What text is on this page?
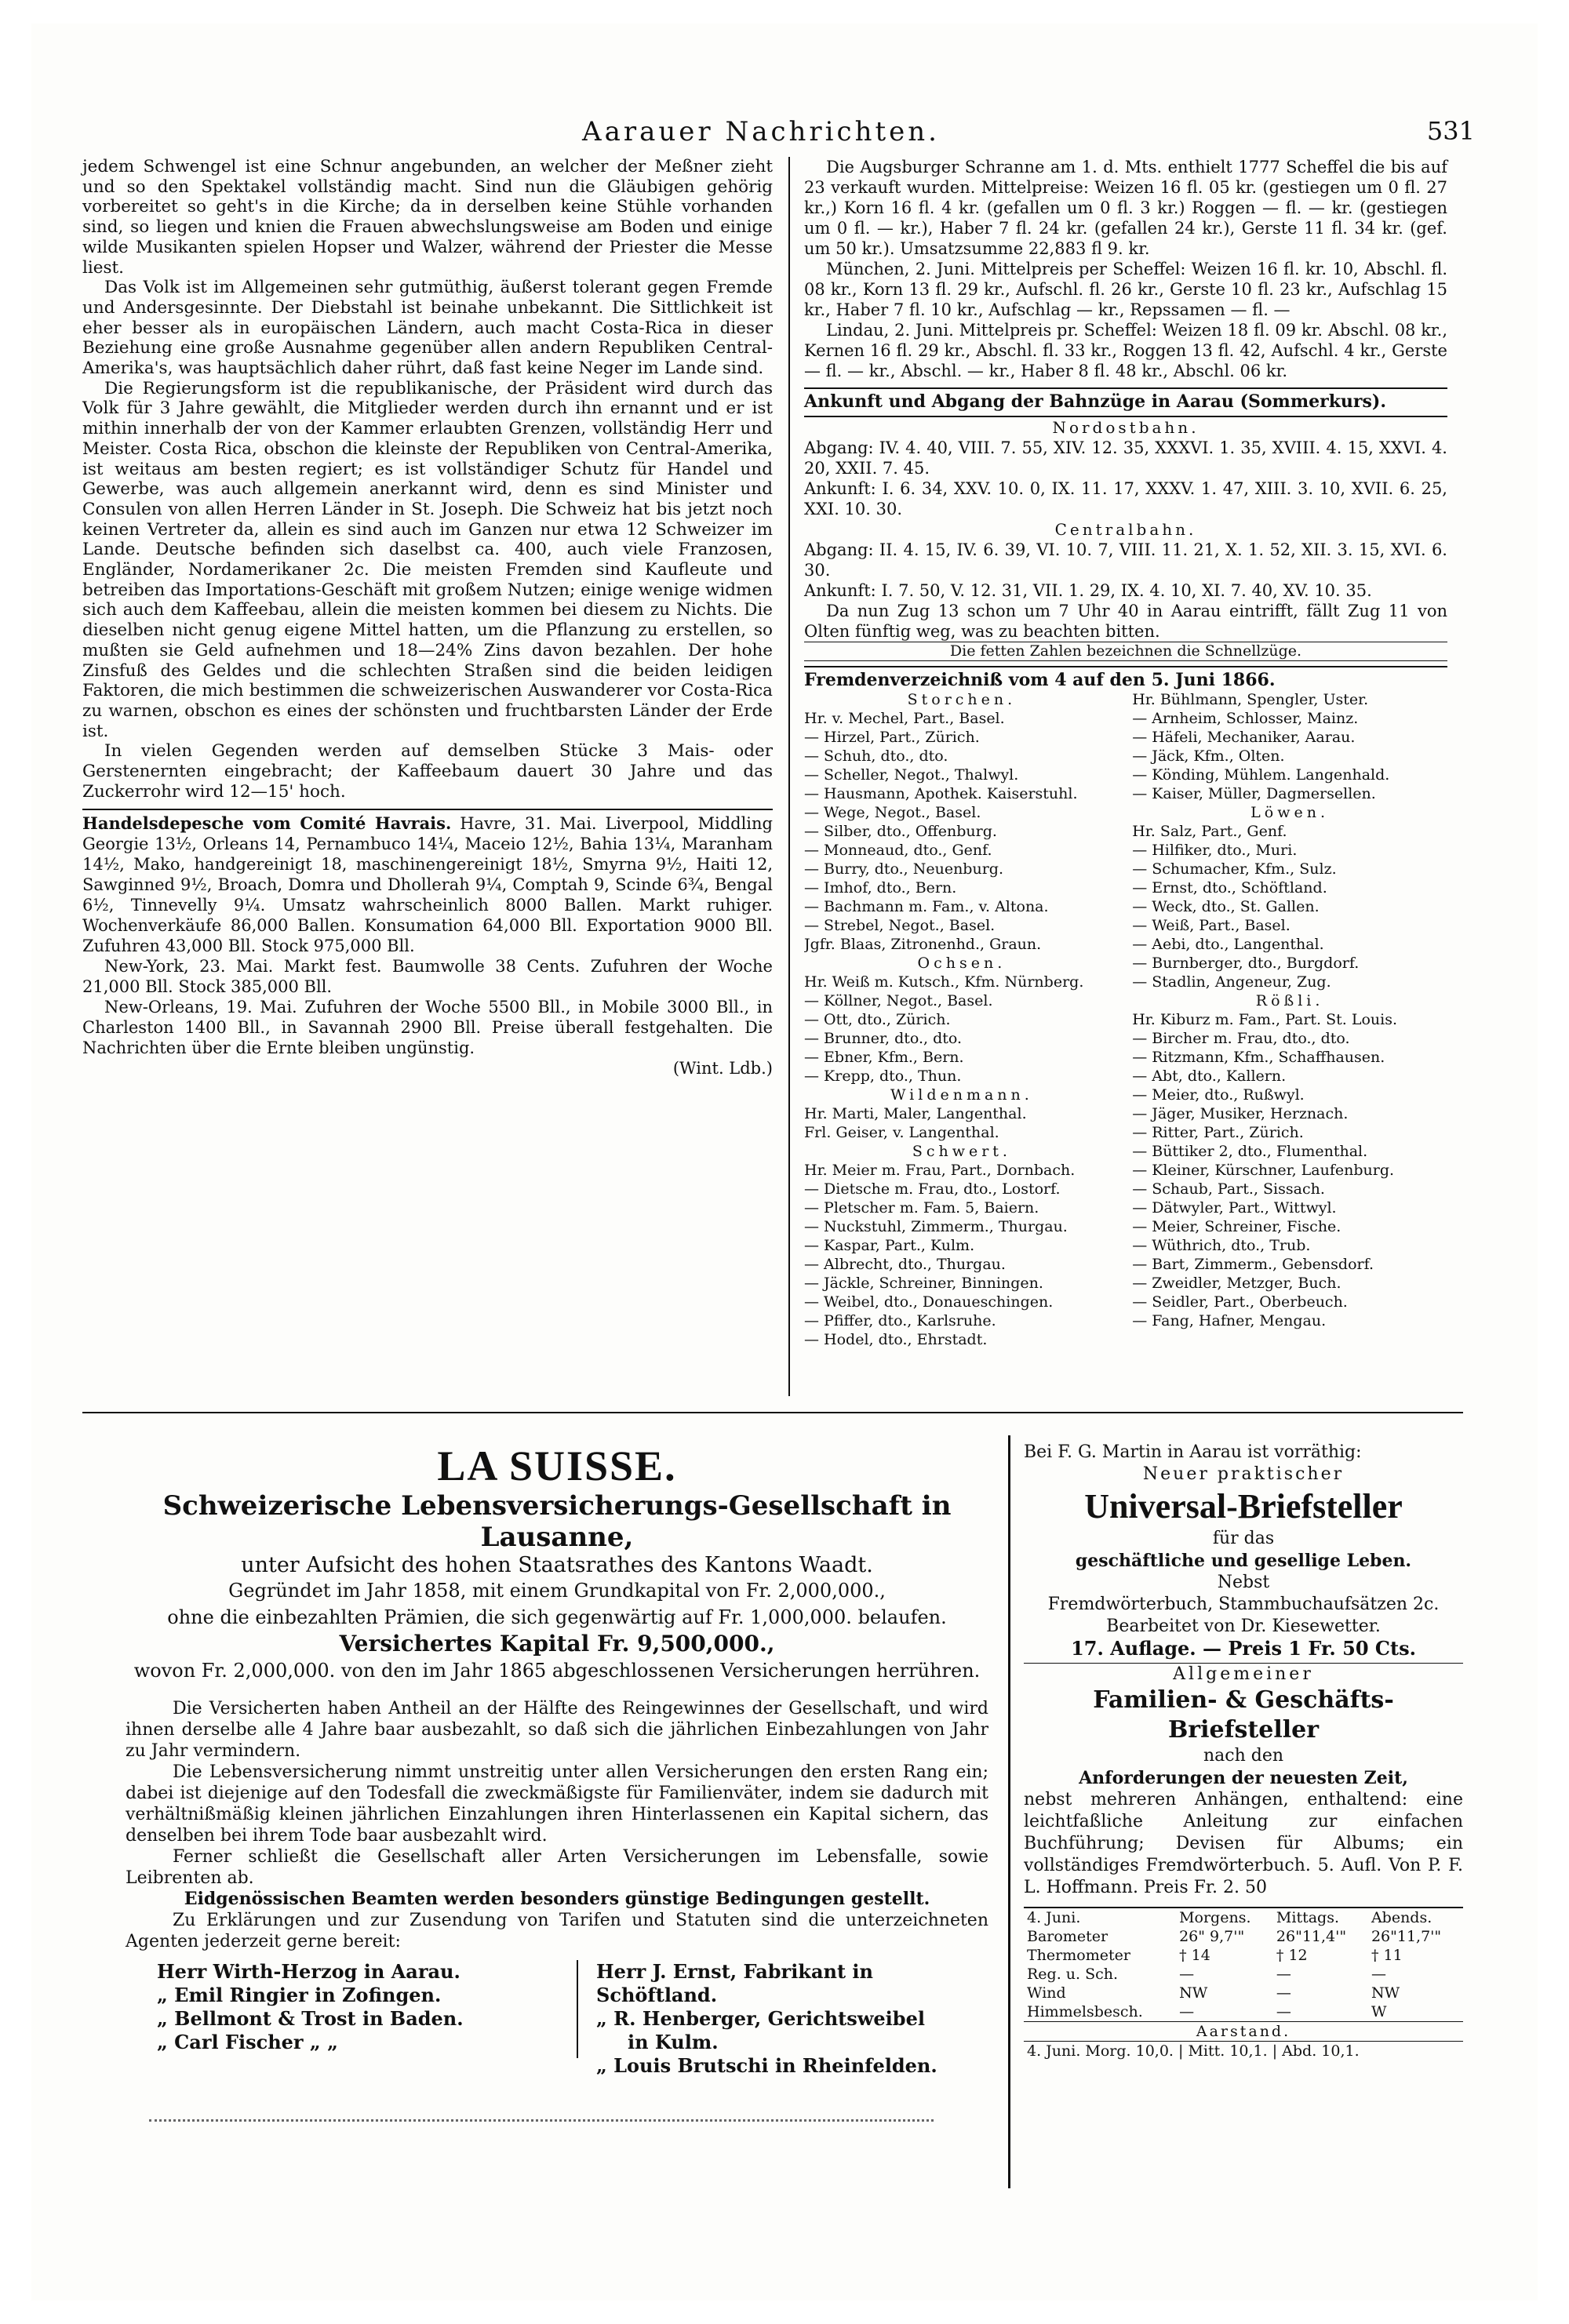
Aarauer Nachrichten.	531

jedem Schwengel ist eine Schnur angebunden, an welcher der Meßner zieht und so den Spektakel vollständig macht. Sind nun die Gläubigen gehörig vorbereitet so geht's in die Kirche; da in derselben keine Stühle vorhanden sind, so liegen und knien die Frauen abwechslungsweise am Boden und einige wilde Musikanten spielen Hopser und Walzer, während der Priester die Messe liest.

Das Volk ist im Allgemeinen sehr gutmüthig, äußerst tolerant gegen Fremde und Andersgesinnte. Der Diebstahl ist beinahe unbekannt. Die Sittlichkeit ist eher besser als in europäischen Ländern, auch macht Costa-Rica in dieser Beziehung eine große Ausnahme gegenüber allen andern Republiken Central-Amerika's, was hauptsächlich daher rührt, daß fast keine Neger im Lande sind.

Die Regierungsform ist die republikanische, der Präsident wird durch das Volk für 3 Jahre gewählt, die Mitglieder werden durch ihn ernannt und er ist mithin innerhalb der von der Kammer erlaubten Grenzen, vollständig Herr und Meister. Costa Rica, obschon die kleinste der Republiken von Central-Amerika, ist weitaus am besten regiert; es ist vollständiger Schutz für Handel und Gewerbe, was auch allgemein anerkannt wird, denn es sind Minister und Consulen von allen Herren Länder in St. Joseph. Die Schweiz hat bis jetzt noch keinen Vertreter da, allein es sind auch im Ganzen nur etwa 12 Schweizer im Lande. Deutsche befinden sich daselbst ca. 400, auch viele Franzosen, Engländer, Nordamerikaner 2c. Die meisten Fremden sind Kaufleute und betreiben das Importations-Geschäft mit großem Nutzen; einige wenige widmen sich auch dem Kaffeebau, allein die meisten kommen bei diesem zu Nichts. Die dieselben nicht genug eigene Mittel hatten, um die Pflanzung zu erstellen, so mußten sie Geld aufnehmen und 18—24% Zins davon bezahlen. Der hohe Zinsfuß des Geldes und die schlechten Straßen sind die beiden leidigen Faktoren, die mich bestimmen die schweizerischen Auswanderer vor Costa-Rica zu warnen, obschon es eines der schönsten und fruchtbarsten Länder der Erde ist.

In vielen Gegenden werden auf demselben Stücke 3 Mais- oder Gerstenernten eingebracht; der Kaffeebaum dauert 30 Jahre und das Zuckerrohr wird 12—15' hoch.

Handelsdepesche vom Comité Havrais. Havre, 31. Mai. Liverpool, Middling Georgie 13½, Orleans 14, Pernambuco 14¼, Maceio 12½, Bahia 13¼, Maranham 14½, Mako, handgereinigt 18, maschinengereinigt 18½, Smyrna 9½, Haiti 12, Sawginned 9½, Broach, Domra und Dhollerah 9¼, Comptah 9, Scinde 6¾, Bengal 6½, Tinnevelly 9¼. Umsatz wahrscheinlich 8000 Ballen. Markt ruhiger. Wochenverkäufe 86,000 Ballen. Konsumation 64,000 Bll. Exportation 9000 Bll. Zufuhren 43,000 Bll. Stock 975,000 Bll.

New-York, 23. Mai. Markt fest. Baumwolle 38 Cents. Zufuhren der Woche 21,000 Bll. Stock 385,000 Bll.

New-Orleans, 19. Mai. Zufuhren der Woche 5500 Bll., in Mobile 3000 Bll., in Charleston 1400 Bll., in Savannah 2900 Bll. Preise überall festgehalten. Die Nachrichten über die Ernte bleiben ungünstig.

(Wint. Ldb.)

Die Augsburger Schranne am 1. d. Mts. enthielt 1777 Scheffel die bis auf 23 verkauft wurden. Mittelpreise: Weizen 16 fl. 05 kr. (gestiegen um 0 fl. 27 kr.,) Korn 16 fl. 4 kr. (gefallen um 0 fl. 3 kr.) Roggen — fl. — kr. (gestiegen um 0 fl. — kr.), Haber 7 fl. 24 kr. (gefallen 24 kr.), Gerste 11 fl. 34 kr. (gef. um 50 kr.). Umsatzsumme 22,883 fl 9. kr.

München, 2. Juni. Mittelpreis per Scheffel: Weizen 16 fl. kr. 10, Abschl. fl. 08 kr., Korn 13 fl. 29 kr., Aufschl. fl. 26 kr., Gerste 10 fl. 23 kr., Aufschlag 15 kr., Haber 7 fl. 10 kr., Aufschlag — kr., Repssamen — fl. —

Lindau, 2. Juni. Mittelpreis pr. Scheffel: Weizen 18 fl. 09 kr. Abschl. 08 kr., Kernen 16 fl. 29 kr., Abschl. fl. 33 kr., Roggen 13 fl. 42, Aufschl. 4 kr., Gerste — fl. — kr., Abschl. — kr., Haber 8 fl. 48 kr., Abschl. 06 kr.

Ankunft und Abgang der Bahnzüge in Aarau (Sommerkurs).
Nordostbahn.
Abgang: IV. 4. 40, VIII. 7. 55, XIV. 12. 35, XXXVI. 1. 35, XVIII. 4. 15, XXVI. 4. 20, XXII. 7. 45.
Ankunft: I. 6. 34, XXV. 10. 0, IX. 11. 17, XXXV. 1. 47, XIII. 3. 10, XVII. 6. 25, XXI. 10. 30.
Centralbahn.
Abgang: II. 4. 15, IV. 6. 39, VI. 10. 7, VIII. 11. 21, X. 1. 52, XII. 3. 15, XVI. 6. 30.
Ankunft: I. 7. 50, V. 12. 31, VII. 1. 29, IX. 4. 10, XI. 7. 40, XV. 10. 35.

Da nun Zug 13 schon um 7 Uhr 40 in Aarau eintrifft, fällt Zug 11 von Olten fünftig weg, was zu beachten bitten.

Die fetten Zahlen bezeichnen die Schnellzüge.
Fremdenverzeichniß vom 4 auf den 5. Juni 1866.
Storchen.
Hr. v. Mechel, Part., Basel.
— Hirzel, Part., Zürich.
— Schuh, dto., dto.
— Scheller, Negot., Thalwyl.
— Hausmann, Apothek. Kaiserstuhl.
— Wege, Negot., Basel.
— Silber, dto., Offenburg.
— Monneaud, dto., Genf.
— Burry, dto., Neuenburg.
— Imhof, dto., Bern.
— Bachmann m. Fam., v. Altona.
— Strebel, Negot., Basel.
Jgfr. Blaas, Zitronenhd., Graun.
Ochsen.
Hr. Weiß m. Kutsch., Kfm. Nürnberg.
— Köllner, Negot., Basel.
— Ott, dto., Zürich.
— Brunner, dto., dto.
— Ebner, Kfm., Bern.
— Krepp, dto., Thun.
Wildenmann.
Hr. Marti, Maler, Langenthal.
Frl. Geiser, v. Langenthal.
Schwert.
Hr. Meier m. Frau, Part., Dornbach.
— Dietsche m. Frau, dto., Lostorf.
— Pletscher m. Fam. 5, Baiern.
— Nuckstuhl, Zimmerm., Thurgau.
— Kaspar, Part., Kulm.
— Albrecht, dto., Thurgau.
— Jäckle, Schreiner, Binningen.
— Weibel, dto., Donaueschingen.
— Pfiffer, dto., Karlsruhe.
— Hodel, dto., Ehrstadt.
Hr. Bühlmann, Spengler, Uster.
— Arnheim, Schlosser, Mainz.
— Häfeli, Mechaniker, Aarau.
— Jäck, Kfm., Olten.
— Könding, Mühlem. Langenhald.
— Kaiser, Müller, Dagmersellen.
Löwen.
Hr. Salz, Part., Genf.
— Hilfiker, dto., Muri.
— Schumacher, Kfm., Sulz.
— Ernst, dto., Schöftland.
— Weck, dto., St. Gallen.
— Weiß, Part., Basel.
— Aebi, dto., Langenthal.
— Burnberger, dto., Burgdorf.
— Stadlin, Angeneur, Zug.
Rößli.
Hr. Kiburz m. Fam., Part. St. Louis.
— Bircher m. Frau, dto., dto.
— Ritzmann, Kfm., Schaffhausen.
— Abt, dto., Kallern.
— Meier, dto., Rußwyl.
— Jäger, Musiker, Herznach.
— Ritter, Part., Zürich.
— Büttiker 2, dto., Flumenthal.
— Kleiner, Kürschner, Laufenburg.
— Schaub, Part., Sissach.
— Dätwyler, Part., Wittwyl.
— Meier, Schreiner, Fische.
— Wüthrich, dto., Trub.
— Bart, Zimmerm., Gebensdorf.
— Zweidler, Metzger, Buch.
— Seidler, Part., Oberbeuch.
— Fang, Hafner, Mengau.
LA SUISSE.
Schweizerische Lebensversicherungs-Gesellschaft in Lausanne,
unter Aufsicht des hohen Staatsrathes des Kantons Waadt.
Gegründet im Jahr 1858, mit einem Grundkapital von Fr. 2,000,000.,
ohne die einbezahlten Prämien, die sich gegenwärtig auf Fr. 1,000,000. belaufen.
Versichertes Kapital Fr. 9,500,000.,
wovon Fr. 2,000,000. von den im Jahr 1865 abgeschlossenen Versicherungen herrühren.

Die Versicherten haben Antheil an der Hälfte des Reingewinnes der Gesellschaft, und wird ihnen derselbe alle 4 Jahre baar ausbezahlt, so daß sich die jährlichen Einbezahlungen von Jahr zu Jahr vermindern.

Die Lebensversicherung nimmt unstreitig unter allen Versicherungen den ersten Rang ein; dabei ist diejenige auf den Todesfall die zweckmäßigste für Familienväter, indem sie dadurch mit verhältnißmäßig kleinen jährlichen Einzahlungen ihren Hinterlassenen ein Kapital sichern, das denselben bei ihrem Tode baar ausbezahlt wird.

Ferner schließt die Gesellschaft aller Arten Versicherungen im Lebensfalle, sowie Leibrenten ab.

Eidgenössischen Beamten werden besonders günstige Bedingungen gestellt.

Zu Erklärungen und zur Zusendung von Tarifen und Statuten sind die unterzeichneten Agenten jederzeit gerne bereit:

Herr Wirth-Herzog in Aarau.
„ Emil Ringier in Zofingen.
„ Bellmont & Trost in Baden.
„ Carl Fischer „ „
Herr J. Ernst, Fabrikant in Schöftland.
„ R. Henberger, Gerichtsweibel
in Kulm.
„ Louis Brutschi in Rheinfelden.
Bei F. G. Martin in Aarau ist vorräthig:
Neuer praktischer
Universal-Briefsteller
für das
geschäftliche und gesellige Leben.
Nebst
Fremdwörterbuch, Stammbuchaufsätzen 2c.
Bearbeitet von Dr. Kiesewetter.
17. Auflage. — Preis 1 Fr. 50 Cts.
Allgemeiner
Familien- & Geschäfts-Briefsteller
nach den
Anforderungen der neuesten Zeit,
nebst mehreren Anhängen, enthaltend: eine leichtfaßliche Anleitung zur einfachen Buchführung; Devisen für Albums; ein vollständiges Fremdwörterbuch. 5. Aufl. Von P. F. L. Hoffmann. Preis Fr. 2. 50
4. Juni.	Morgens.	Mittags.	Abends.
Barometer	26" 9,7'"	26"11,4'"	26"11,7'"
Thermometer	† 14	† 12	† 11
Reg. u. Sch.	—	—	—
Wind	NW	—	NW
Himmelsbesch.	—	—	W
Aarstand.			
4. Juni. Morg. 10,0. | Mitt. 10,1. | Abd. 10,1.			
